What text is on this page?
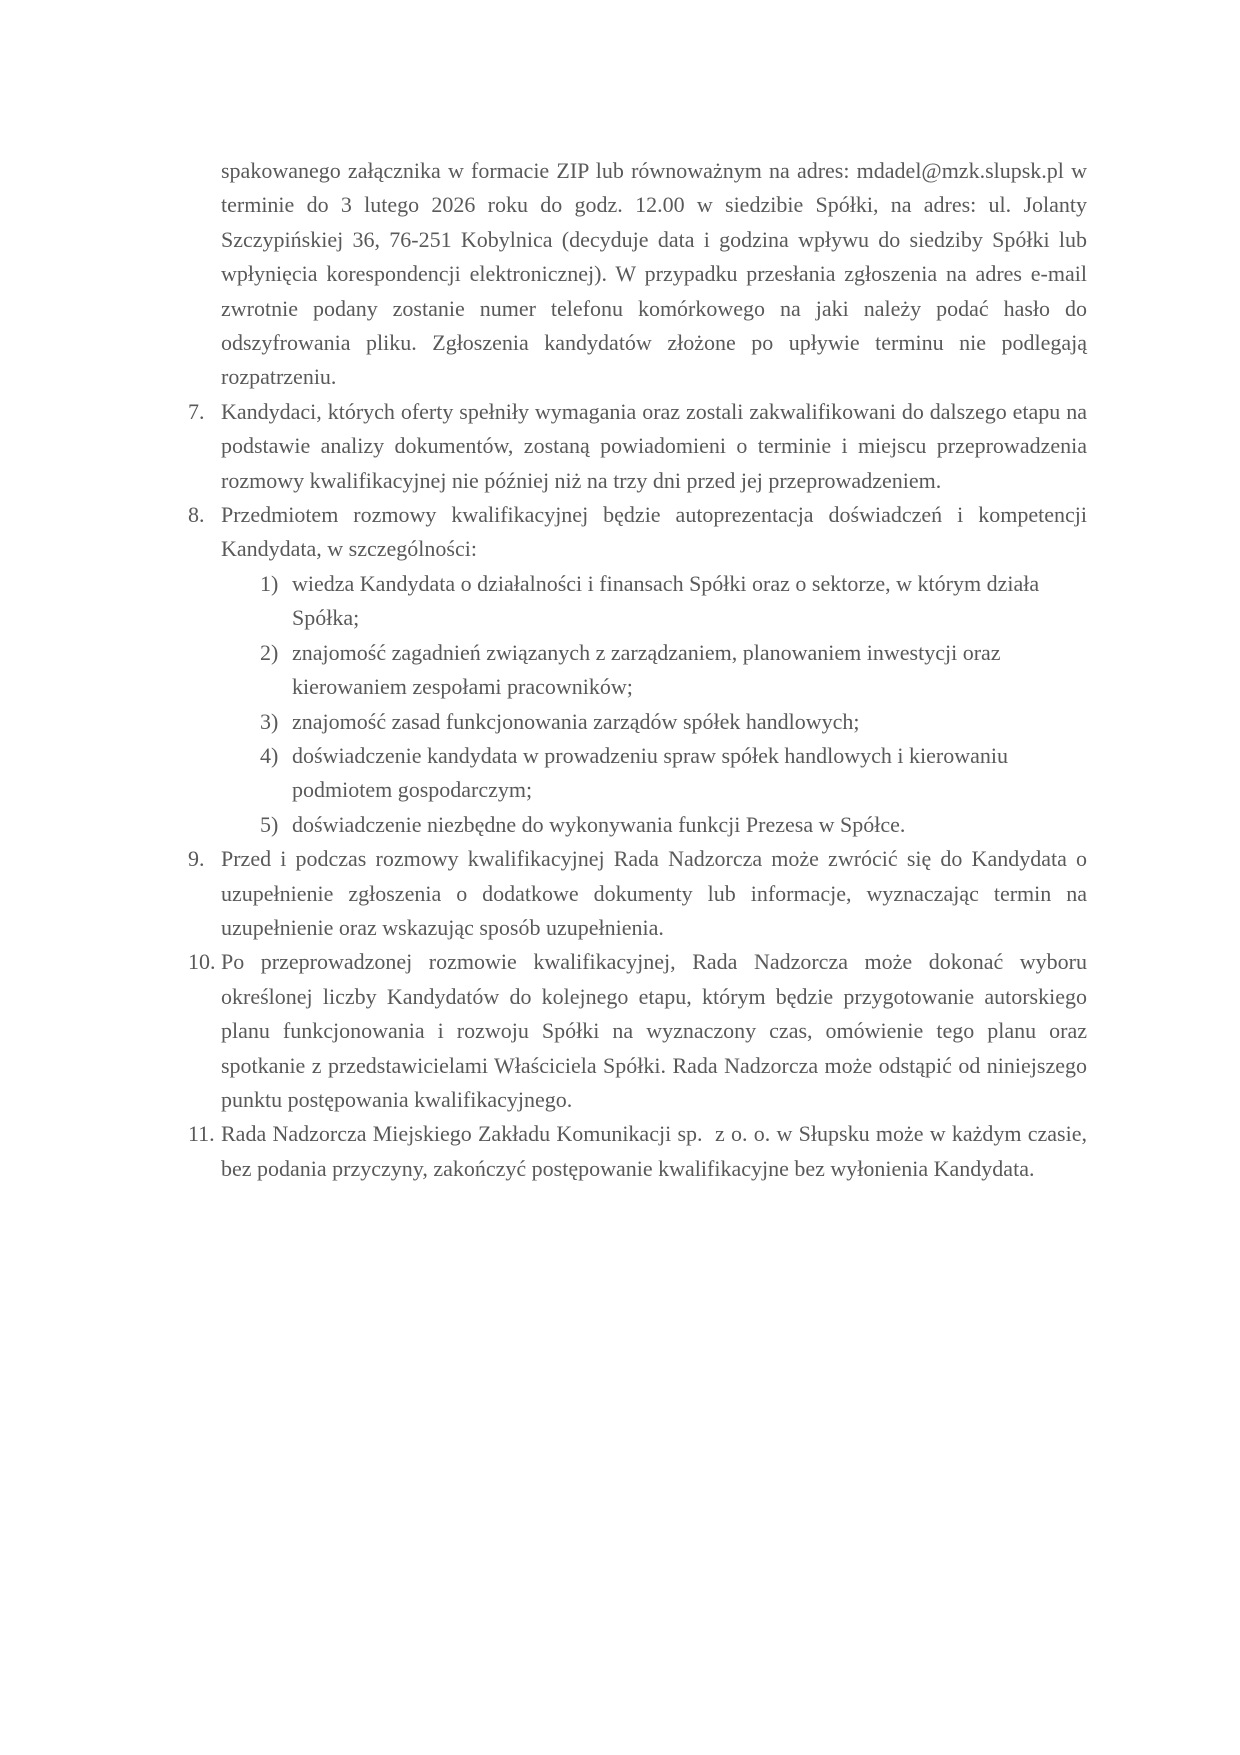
spakowanego załącznika w formacie ZIP lub równoważnym na adres: mdadel@mzk.slupsk.pl w terminie do 3 lutego 2026 roku do godz. 12.00 w siedzibie Spółki, na adres: ul. Jolanty Szczypińskiej 36, 76-251 Kobylnica (decyduje data i godzina wpływu do siedziby Spółki lub wpłynięcia korespondencji elektronicznej). W przypadku przesłania zgłoszenia na adres e-mail zwrotnie podany zostanie numer telefonu komórkowego na jaki należy podać hasło do odszyfrowania pliku. Zgłoszenia kandydatów złożone po upływie terminu nie podlegają rozpatrzeniu.

7. Kandydaci, których oferty spełniły wymagania oraz zostali zakwalifikowani do dalszego etapu na podstawie analizy dokumentów, zostaną powiadomieni o terminie i miejscu przeprowadzenia rozmowy kwalifikacyjnej nie później niż na trzy dni przed jej przeprowadzeniem.
8. Przedmiotem rozmowy kwalifikacyjnej będzie autoprezentacja doświadczeń i kompetencji Kandydata, w szczególności:
1) wiedza Kandydata o działalności i finansach Spółki oraz o sektorze, w którym działa Spółka;
2) znajomość zagadnień związanych z zarządzaniem, planowaniem inwestycji oraz kierowaniem zespołami pracowników;
3) znajomość zasad funkcjonowania zarządów spółek handlowych;
4) doświadczenie kandydata w prowadzeniu spraw spółek handlowych i kierowaniu podmiotem gospodarczym;
5) doświadczenie niezbędne do wykonywania funkcji Prezesa w Spółce.
9. Przed i podczas rozmowy kwalifikacyjnej Rada Nadzorcza może zwrócić się do Kandydata o uzupełnienie zgłoszenia o dodatkowe dokumenty lub informacje, wyznaczając termin na uzupełnienie oraz wskazując sposób uzupełnienia.
10. Po przeprowadzonej rozmowie kwalifikacyjnej, Rada Nadzorcza może dokonać wyboru określonej liczby Kandydatów do kolejnego etapu, którym będzie przygotowanie autorskiego planu funkcjonowania i rozwoju Spółki na wyznaczony czas, omówienie tego planu oraz spotkanie z przedstawicielami Właściciela Spółki. Rada Nadzorcza może odstąpić od niniejszego punktu postępowania kwalifikacyjnego.
11. Rada Nadzorcza Miejskiego Zakładu Komunikacji sp.  z o. o. w Słupsku może w każdym czasie, bez podania przyczyny, zakończyć postępowanie kwalifikacyjne bez wyłonienia Kandydata.
